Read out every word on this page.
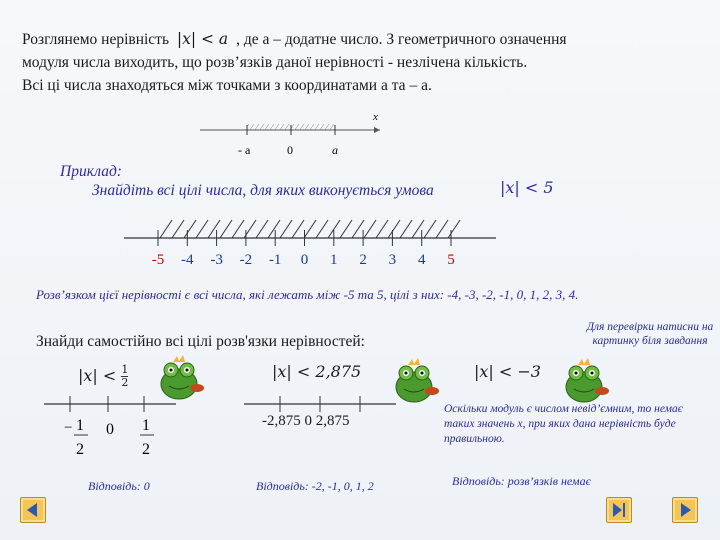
Розглянемо нерівність |x| < a , де a – додатне число. З геометричного означення
модуля числа виходить, що розв’язків даної нерівності - незлічена кількість.
Всі ці числа знаходяться між точками з координатами a та – a.
x
- a	0	a
Приклад:
Знайдіть всі цілі числа, для яких виконується умова	|x| < 5
-5 -4 -3 -2 -1 0 1 2 3 4 5
Розв’язком цієї нерівності є всі числа, які лежать між -5 та 5, цілі з них: -4, -3, -2, -1, 0, 1, 2, 3, 4.
Знайди самостійно всі цілі розв'язки нерівностей:
Для перевірки натисни на картинку біля завдання
$|x| < \frac{1}{2}$
− 1
2
0 1
2
Відповідь: 0
|x| < 2,875
-2,875 0 2,875
Відповідь: -2, -1, 0, 1, 2
|x| < −3
Оскільки модуль є числом невід’ємним, то немає таких значень x, при яких дана нерівність буде правильною.
Відповідь: розв’язків немає
